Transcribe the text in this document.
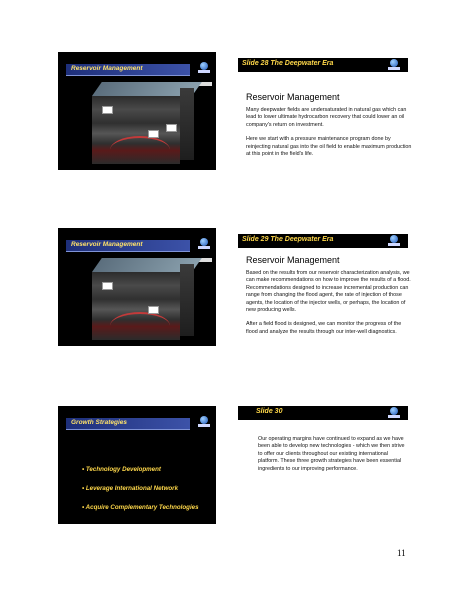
Reservoir Management
Slide 28 The Deepwater Era
Reservoir Management

Many deepwater fields are undersaturated in natural gas which can lead to lower ultimate hydrocarbon recovery that could lower an oil company's return on investment.

Here we start with a pressure maintenance program done by reinjecting natural gas into the oil field to enable maximum production at this point in the field's life.

Reservoir Management
Slide 29 The Deepwater Era
Reservoir Management

Based on the results from our reservoir characterization analysis, we can make recommendations on how to improve the results of a flood. Recommendations designed to increase incremental production can range from changing the flood agent, the rate of injection of those agents, the location of the injector wells, or perhaps, the location of new producing wells.

After a field flood is designed, we can monitor the progress of the flood and analyze the results through our inter-well diagnostics.

Growth Strategies
• Technology Development
• Leverage International Network
• Acquire Complementary Technologies
Slide 30

Our operating margins have continued to expand as we have been able to develop new technologies - which we then strive to offer our clients throughout our existing international platform. These three growth strategies have been essential ingredients to our improving performance.

11
